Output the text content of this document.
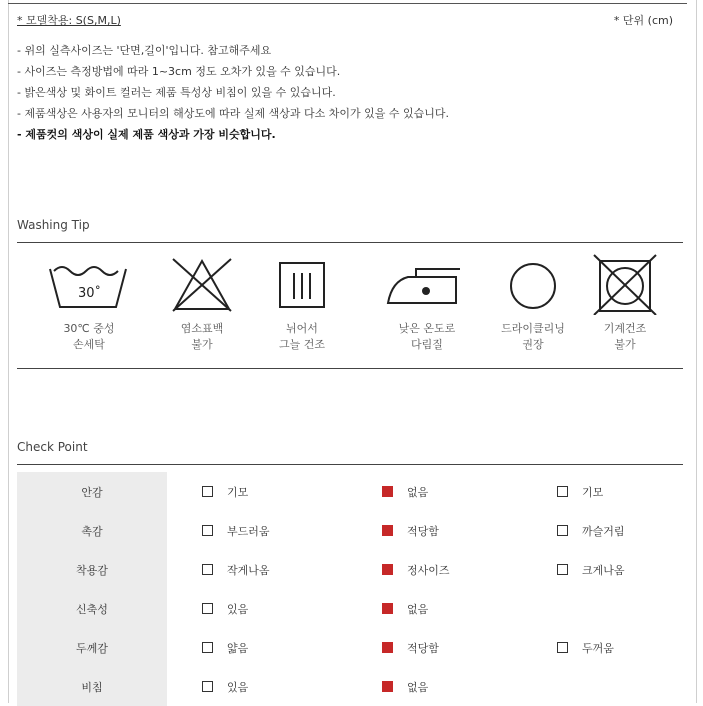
* 모델착용: S(S,M,L)	* 단위 (cm)
- 위의 실측사이즈는 '단면,길이'입니다. 참고해주세요
- 사이즈는 측정방법에 따라 1~3cm 정도 오차가 있을 수 있습니다.
- 밝은색상 및 화이트 컬러는 제품 특성상 비침이 있을 수 있습니다.
- 제품색상은 사용자의 모니터의 해상도에 따라 실제 색상과 다소 차이가 있을 수 있습니다.
- 제품컷의 색상이 실제 제품 색상과 가장 비슷합니다.
Washing Tip
30˚
30℃ 중성
손세탁
염소표백
불가
뉘어서
그늘 건조
낮은 온도로
다림질
드라이클리닝
권장
기계건조
불가
Check Point
안감	기모	없음	기모
촉감	부드러움	적당함	까슬거림
착용감	작게나옴	정사이즈	크게나옴
신축성	있음	없음
두께감	얇음	적당함	두꺼움
비침	있음	없음
